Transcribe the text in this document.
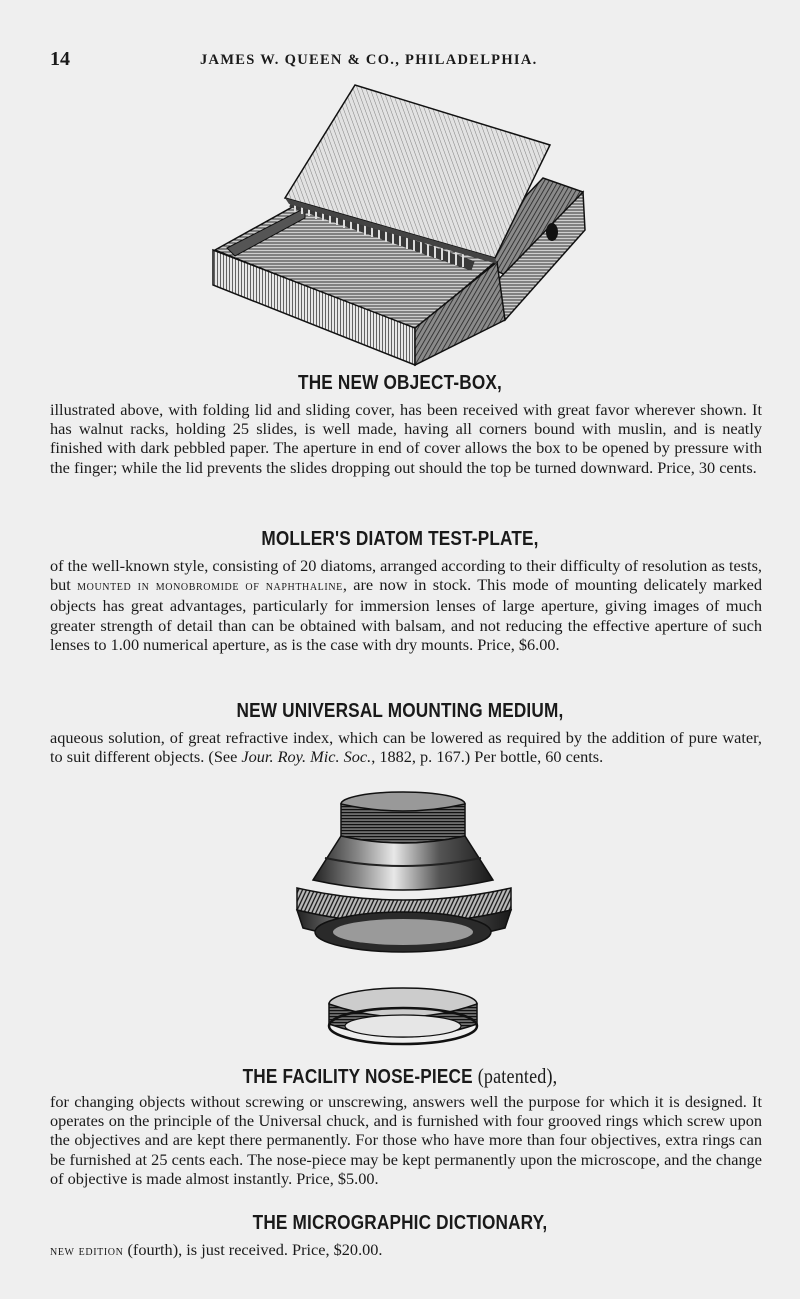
14	JAMES W. QUEEN & CO., PHILADELPHIA.
THE NEW OBJECT-BOX,
illustrated above, with folding lid and sliding cover, has been received with great favor wherever shown. It has walnut racks, holding 25 slides, is well made, having all corners bound with muslin, and is neatly finished with dark pebbled paper. The aperture in end of cover allows the box to be opened by pressure with the finger; while the lid prevents the slides dropping out should the top be turned downward. Price, 30 cents.
MOLLER'S DIATOM TEST-PLATE,
of the well-known style, consisting of 20 diatoms, arranged according to their difficulty of resolution as tests, but mounted in monobromide of naphthaline, are now in stock. This mode of mounting delicately marked objects has great advantages, particularly for immersion lenses of large aperture, giving images of much greater strength of detail than can be obtained with balsam, and not reducing the effective aperture of such lenses to 1.00 numerical aperture, as is the case with dry mounts. Price, $6.00.
NEW UNIVERSAL MOUNTING MEDIUM,
aqueous solution, of great refractive index, which can be lowered as required by the addition of pure water, to suit different objects. (See Jour. Roy. Mic. Soc., 1882, p. 167.) Per bottle, 60 cents.
THE FACILITY NOSE-PIECE (patented),
for changing objects without screwing or unscrewing, answers well the purpose for which it is designed. It operates on the principle of the Universal chuck, and is furnished with four grooved rings which screw upon the objectives and are kept there permanently. For those who have more than four objectives, extra rings can be furnished at 25 cents each. The nose-piece may be kept permanently upon the microscope, and the change of objective is made almost instantly. Price, $5.00.
THE MICROGRAPHIC DICTIONARY,
new edition (fourth), is just received. Price, $20.00.
